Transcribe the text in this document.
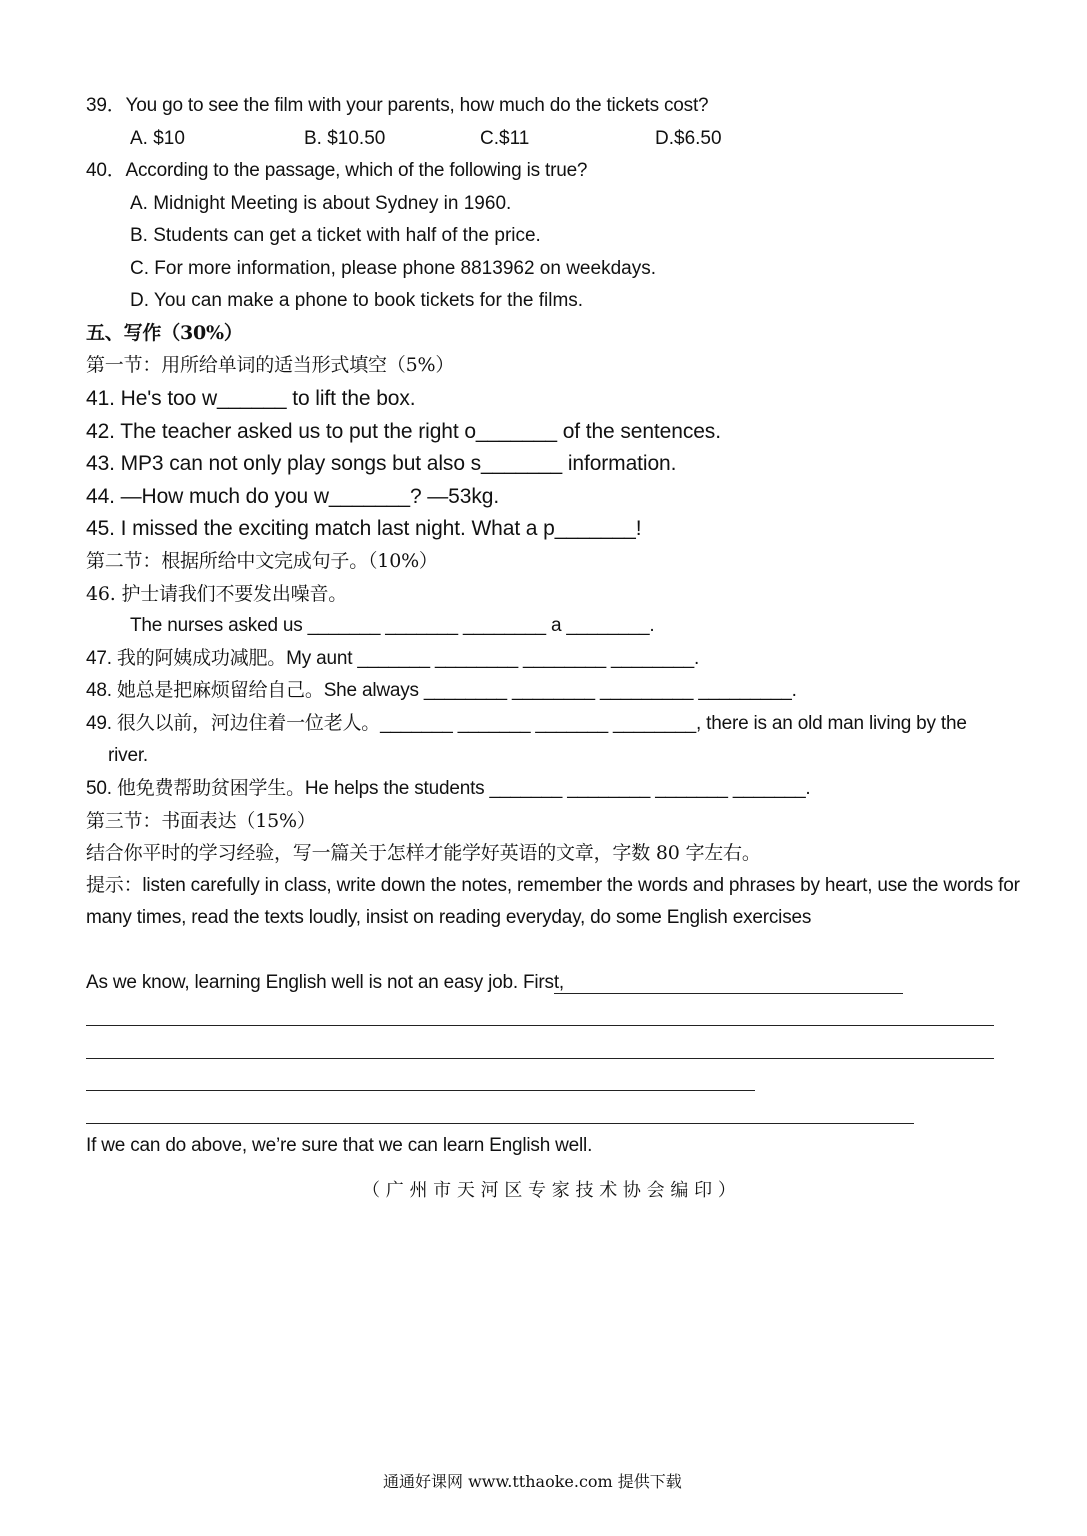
39．You go to see the film with your parents, how much do the tickets cost?
A. $10	B. $10.50	C.$11	D.$6.50
40．According to the passage, which of the following is true?
A. Midnight Meeting is about Sydney in 1960.
B. Students can get a ticket with half of the price.
C. For more information, please phone 8813962 on weekdays.
D. You can make a phone to book tickets for the films.
五、写作（30%）
第一节：用所给单词的适当形式填空（5%）
41. He's too w______ to lift the box.
42. The teacher asked us to put the right o_______ of the sentences.
43. MP3 can not only play songs but also s_______ information.
44. —How much do you w_______? —53kg.
45. I missed the exciting match last night. What a p_______!
第二节：根据所给中文完成句子。（10%）
46. 护士请我们不要发出噪音。
The nurses asked us _______ _______ ________ a ________.
47. 我的阿姨成功减肥。My aunt _______ ________ ________ ________.
48. 她总是把麻烦留给自己。She always ________ ________ _________ _________.
49. 很久以前，河边住着一位老人。_______ _______ _______ ________, there is an old man living by the
river.
50. 他免费帮助贫困学生。He helps the students _______ ________ _______ _______.
第三节：书面表达（15%）
结合你平时的学习经验，写一篇关于怎样才能学好英语的文章，字数 80 字左右。
提示：listen carefully in class, write down the notes, remember the words and phrases by heart, use the words for
many times, read the texts loudly, insist on reading everyday, do some English exercises
As we know, learning English well is not an easy job. First,
If we can do above, we’re sure that we can learn English well.
（ 广 州 市 天 河 区 专 家 技 术 协 会 编 印 ）
通通好课网 www.tthaoke.com 提供下载
